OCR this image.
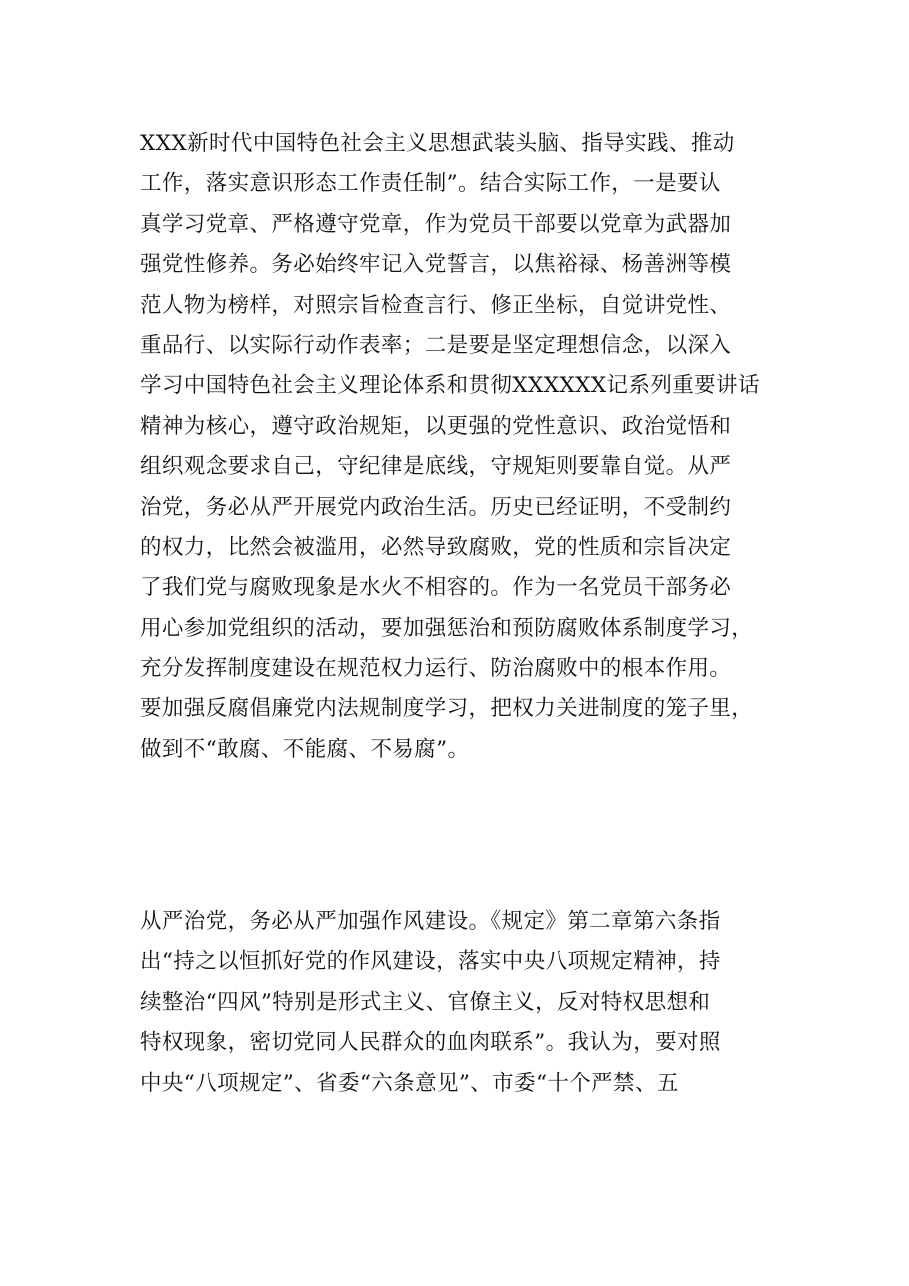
XXX新时代中国特色社会主义思想武装头脑、指导实践、推动
工作，落实意识形态工作责任制”。结合实际工作，一是要认
真学习党章、严格遵守党章，作为党员干部要以党章为武器加
强党性修养。务必始终牢记入党誓言，以焦裕禄、杨善洲等模
范人物为榜样，对照宗旨检查言行、修正坐标，自觉讲党性、
重品行、以实际行动作表率；二是要是坚定理想信念，以深入
学习中国特色社会主义理论体系和贯彻XXXXXX记系列重要讲话
精神为核心，遵守政治规矩，以更强的党性意识、政治觉悟和
组织观念要求自己，守纪律是底线，守规矩则要靠自觉。从严
治党，务必从严开展党内政治生活。历史已经证明，不受制约
的权力，比然会被滥用，必然导致腐败，党的性质和宗旨决定
了我们党与腐败现象是水火不相容的。作为一名党员干部务必
用心参加党组织的活动，要加强惩治和预防腐败体系制度学习，
充分发挥制度建设在规范权力运行、防治腐败中的根本作用。
要加强反腐倡廉党内法规制度学习，把权力关进制度的笼子里，
做到不“敢腐、不能腐、不易腐”。
从严治党，务必从严加强作风建设。《规定》第二章第六条指
出“持之以恒抓好党的作风建设，落实中央八项规定精神，持
续整治“四风”特别是形式主义、官僚主义，反对特权思想和
特权现象，密切党同人民群众的血肉联系”。我认为，要对照
中央“八项规定”、省委“六条意见”、市委“十个严禁、五
